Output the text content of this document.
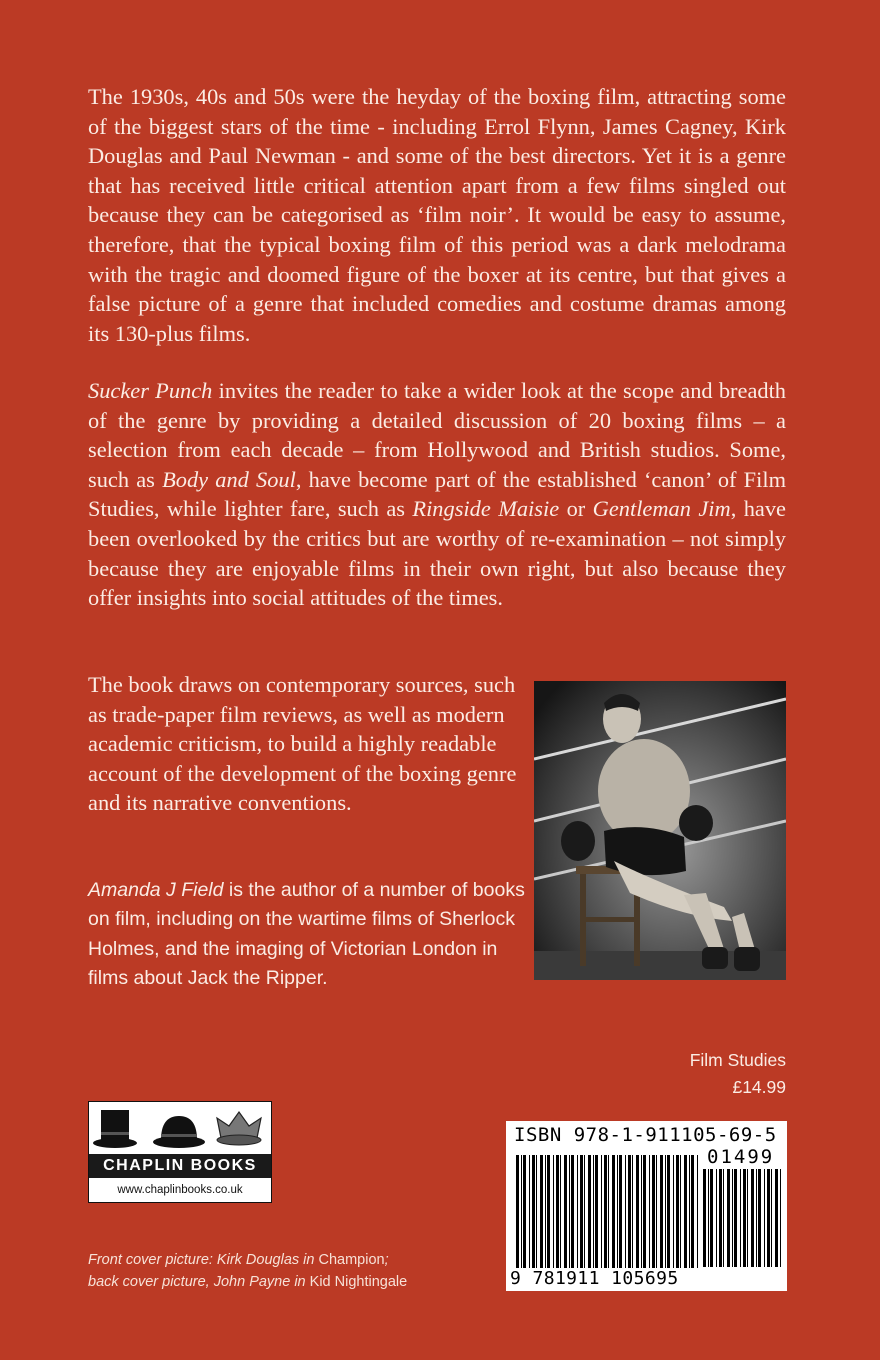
The 1930s, 40s and 50s were the heyday of the boxing film, attracting some of the biggest stars of the time - including Errol Flynn, James Cagney, Kirk Douglas and Paul Newman - and some of the best directors. Yet it is a genre that has received little critical attention apart from a few films singled out because they can be categorised as ‘film noir’. It would be easy to assume, therefore, that the typical boxing film of this period was a dark melodrama with the tragic and doomed figure of the boxer at its centre, but that gives a false picture of a genre that included comedies and costume dramas among its 130-plus films.

Sucker Punch invites the reader to take a wider look at the scope and breadth of the genre by providing a detailed discussion of 20 boxing films – a selection from each decade – from Hollywood and British studios. Some, such as Body and Soul, have become part of the established ‘canon’ of Film Studies, while lighter fare, such as Ringside Maisie or Gentleman Jim, have been overlooked by the critics but are worthy of re-examination – not simply because they are enjoyable films in their own right, but also because they offer insights into social attitudes of the times.

The book draws on contemporary sources, such as trade-paper film reviews, as well as modern academic criticism, to build a highly readable account of the development of the boxing genre and its narrative conventions.

Amanda J Field is the author of a number of books on film, including on the wartime films of Sherlock Holmes, and the imaging of Victorian London in films about Jack the Ripper.

Film Studies
£14.99
CHAPLIN BOOKS
www.chaplinbooks.co.uk

Front cover picture: Kirk Douglas in Champion;
back cover picture, John Payne in Kid Nightingale

ISBN 978-1-911105-69-5
01499
9 781911 105695
